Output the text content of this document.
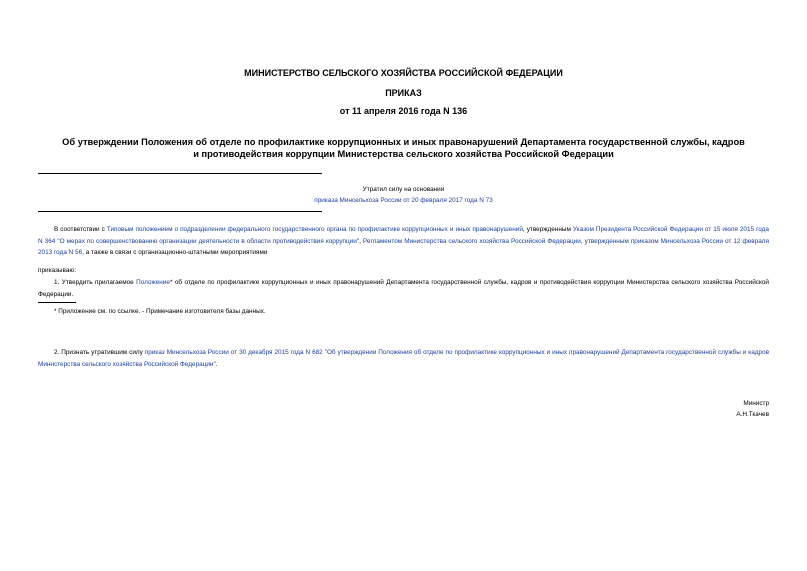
МИНИСТЕРСТВО СЕЛЬСКОГО ХОЗЯЙСТВА РОССИЙСКОЙ ФЕДЕРАЦИИ
ПРИКАЗ
от 11 апреля 2016 года N 136
Об утверждении Положения об отделе по профилактике коррупционных и иных правонарушений Департамента государственной службы, кадров и противодействия коррупции Министерства сельского хозяйства Российской Федерации
Утратил силу на основании
приказа Минсельхоза России от 20 февраля 2017 года N 73
В соответствии с Типовым положением о подразделении федерального государственного органа по профилактике коррупционных и иных правонарушений, утвержденным Указом Президента Российской Федерации от 15 июля 2015 года N 364 "О мерах по совершенствованию организации деятельности в области противодействия коррупции", Регламентом Министерства сельского хозяйства Российской Федерации, утвержденным приказом Минсельхоза России от 12 февраля 2013 года N 56, а также в связи с организационно-штатными мероприятиями
приказываю:
1. Утвердить прилагаемое Положение* об отделе по профилактике коррупционных и иных правонарушений Департамента государственной службы, кадров и противодействия коррупции Министерства сельского хозяйства Российской Федерации.
* Приложение см. по ссылке. - Примечание изготовителя базы данных.
2. Признать утратившим силу приказ Минсельхоза России от 30 декабря 2015 года N 682 "Об утверждении Положения об отделе по профилактике коррупционных и иных правонарушений Департамента государственной службы и кадров Министерства сельского хозяйства Российской Федерации".
Министр
А.Н.Ткачев
